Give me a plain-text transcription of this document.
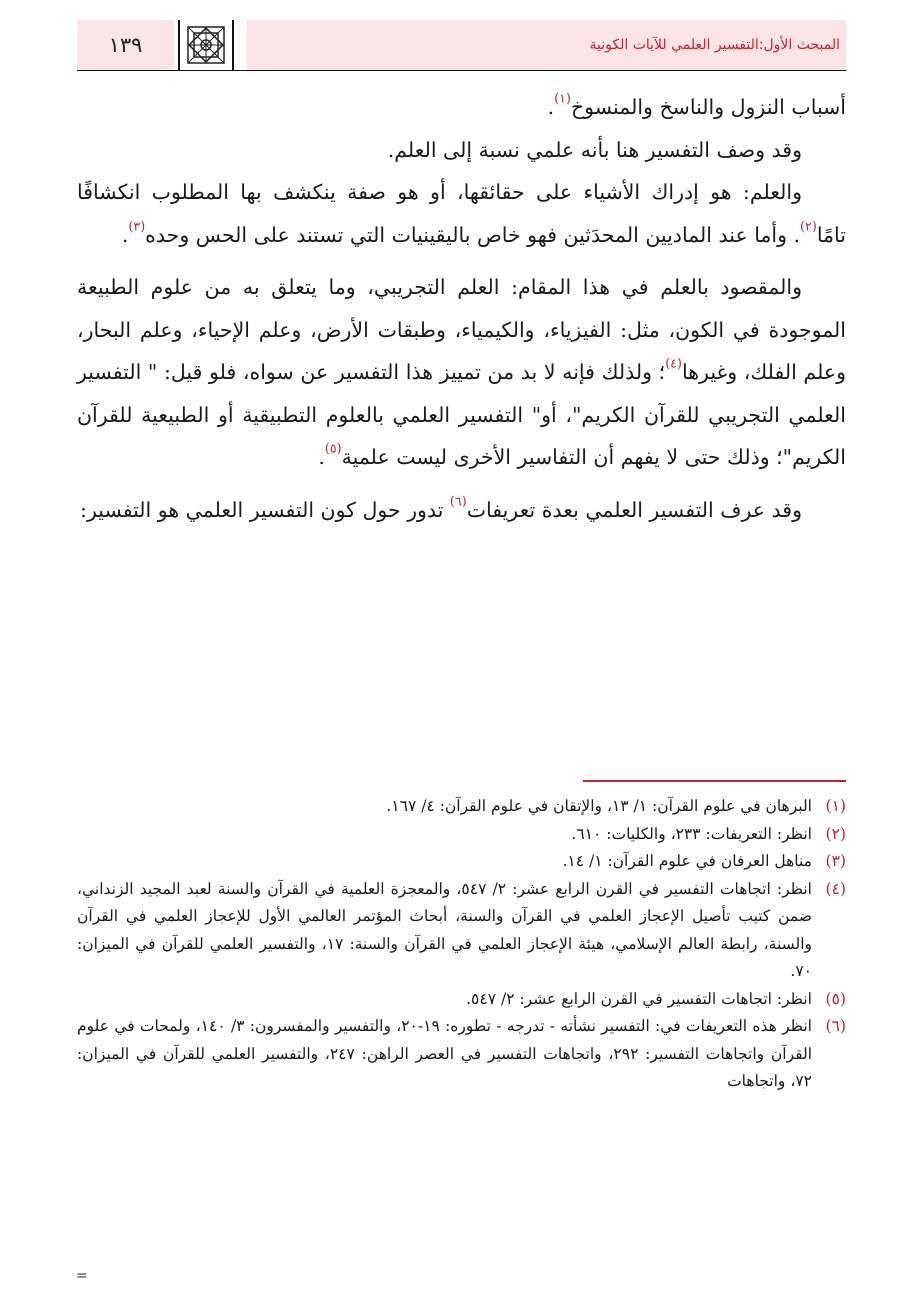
١٣٩	المبحث الأول:التفسير العلمي للآيات الكونية

أسباب النزول والناسخ والمنسوخ$^{(١)}$.

وقد وصف التفسير هنا بأنه علمي نسبة إلى العلم.

والعلم: هو إدراك الأشياء على حقائقها، أو هو صفة ينكشف بها المطلوب انكشافًا تامًا$^{(٢)}$. وأما عند الماديين المحدَثين فهو خاص باليقينيات التي تستند على الحس وحده$^{(٣)}$.

والمقصود بالعلم في هذا المقام: العلم التجريبي، وما يتعلق به من علوم الطبيعة الموجودة في الكون، مثل: الفيزياء، والكيمياء، وطبقات الأرض، وعلم الإحياء، وعلم البحار، وعلم الفلك، وغيرها$^{(٤)}$؛ ولذلك فإنه لا بد من تمييز هذا التفسير عن سواه، فلو قيل: " التفسير العلمي التجريبي للقرآن الكريم"، أو" التفسير العلمي بالعلوم التطبيقية أو الطبيعية للقرآن الكريم"؛ وذلك حتى لا يفهم أن التفاسير الأخرى ليست علمية$^{(٥)}$.

وقد عرف التفسير العلمي بعدة تعريفات$^{(٦)}$ تدور حول كون التفسير العلمي هو التفسير:

(١)
البرهان في علوم القرآن: ١/ ١٣، والإتقان في علوم القرآن: ٤/ ١٦٧.
(٢)
انظر: التعريفات: ٢٣٣، والكليات: ٦١٠.
(٣)
مناهل العرفان في علوم القرآن: ١/ ١٤.
(٤)
انظر: اتجاهات التفسير في القرن الرابع عشر: ٢/ ٥٤٧، والمعجزة العلمية في القرآن والسنة لعبد المجيد الزنداني، ضمن كتيب تأصيل الإعجاز العلمي في القرآن والسنة، أبحاث المؤتمر العالمي الأول للإعجاز العلمي في القرآن والسنة، رابطة العالم الإسلامي، هيئة الإعجاز العلمي في القرآن والسنة: ١٧، والتفسير العلمي للقرآن في الميزان: ٧٠.
(٥)
انظر: اتجاهات التفسير في القرن الرابع عشر: ٢/ ٥٤٧.
(٦)
انظر هذه التعريفات في: التفسير نشأته - تدرجه - تطوره: ١٩-٢٠، والتفسير والمفسرون: ٣/ ١٤٠، ولمحات في علوم القرآن واتجاهات التفسير: ٢٩٢، واتجاهات التفسير في العصر الراهن: ٢٤٧، والتفسير العلمي للقرآن في الميزان: ٧٢، واتجاهات
=
